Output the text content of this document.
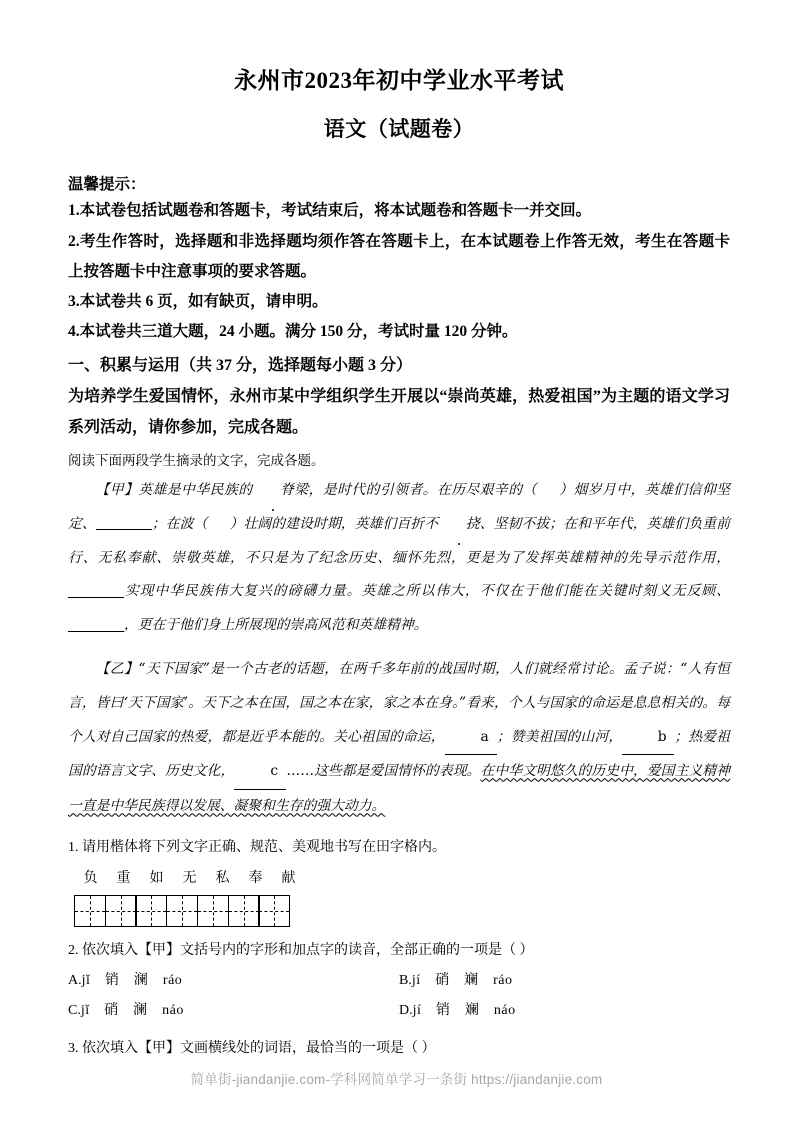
永州市2023年初中学业水平考试
语文（试题卷）
温馨提示：
1.本试卷包括试题卷和答题卡，考试结束后，将本试题卷和答题卡一并交回。
2.考生作答时，选择题和非选择题均须作答在答题卡上，在本试题卷上作答无效，考生在答题卡上按答题卡中注意事项的要求答题。
3.本试卷共 6 页，如有缺页，请申明。
4.本试卷共三道大题，24 小题。满分 150 分，考试时量 120 分钟。
一、积累与运用（共 37 分，选择题每小题 3 分）
为培养学生爱国情怀，永州市某中学组织学生开展以“崇尚英雄，热爱祖国”为主题的语文学习系列活动，请你参加，完成各题。
阅读下面两段学生摘录的文字，完成各题。
【甲】英雄是中华民族的 脊梁，是时代的引领者。在历尽艰辛的（ ）烟岁月中，英雄们信仰坚定、	；在波（ ）壮阔的建设时期，英雄们百折不 挠、坚韧不拔；在和平年代，英雄们负重前行、无私奉献、崇敬英雄，不只是为了纪念历史、缅怀先烈，更是为了发挥英雄精神的先导示范作用，实现中华民族伟大复兴的磅礴力量。英雄之所以伟大，不仅在于他们能在关键时刻义无反顾、，更在于他们身上所展现的崇高风范和英雄精神。
【乙】“天下国家”是一个古老的话题，在两千多年前的战国时期，人们就经常讨论。孟子说：“人有恒言，皆曰‘天下国家’。天下之本在国，国之本在家，家之本在身。”看来，个人与国家的命运是息息相关的。每个人对自己国家的热爱，都是近乎本能的。关心祖国的命运，	a ；赞美祖国的山河，	b ；热爱祖国的语言文字、历史文化，	c ……这些都是爱国情怀的表现。在中华文明悠久的历史中，爱国主义精神一直是中华民族得以发展、凝聚和生存的强大动力。
1. 请用楷体将下列文字正确、规范、美观地书写在田字格内。
负 重 如 无 私 奉 献
2. 依次填入【甲】文括号内的字形和加点字的读音，全部正确的一项是（ ）
A.jǐ　销　澜　ráo	B.jí　硝　斓　ráo
C.jǐ　硝　澜　náo	D.jí　销　斓　náo
3. 依次填入【甲】文画横线处的词语，最恰当的一项是（ ）
简单街-jiandanjie.com-学科网简单学习一条街 https://jiandanjie.com
